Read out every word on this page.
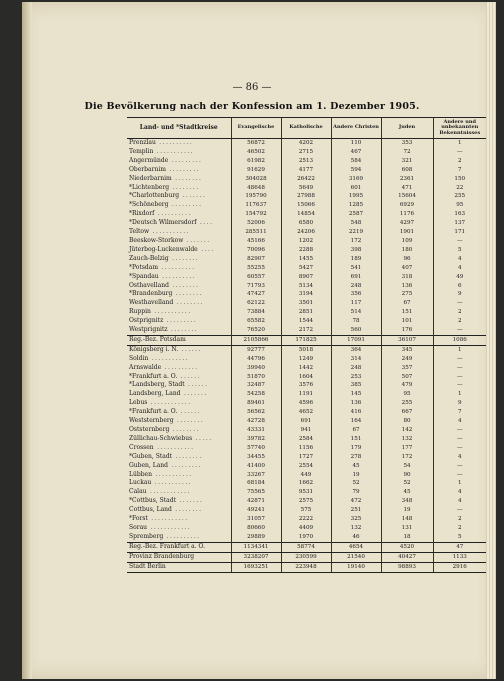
— 86 —
Die Bevölkerung nach der Konfession am 1. Dezember 1905.
Land- und *Stadtkreise	Evangelische	Katholische	Andere Christen	Juden	Andere und unbekannten Bekenntnisses
Prenzlau ..........	56872	4202	110	353	1
Templin ...........	46502	2715	467	72	—
Angermünde .........	61982	2513	584	321	2
Oberbarnim .........	91629	4177	594	608	7
Niederbarnim ........	304028	26422	3169	2361	150
*Lichtenberg ........	48648	5649	601	471	22
*Charlottenburg .......	195790	27988	1995	15604	255
*Schöneberg .........	117637	15066	1285	6929	95
*Rixdorf ..........	154792	14854	2587	1176	163
*Deutsch Wilmersdorf ....	52006	6580	548	4297	137
Teltow ...........	285511	24206	2219	1901	171
Beeskow-Storkow .......	45166	1202	172	109	—
Jüterbog-Luckenwalde ....	70096	2288	398	180	5
Zauch-Belzig ........	82907	1455	189	96	4
*Potsdam ..........	55255	5427	541	407	4
*Spandau ..........	60557	8907	691	318	49
Osthavelland ........	71793	5134	248	136	6
*Brandenburg ........	47427	3194	356	275	9
Westhavelland ........	62122	3501	117	67	—
Ruppin ...........	73884	2851	514	151	2
Ostprignitz .........	65582	1544	78	101	2
Westprignitz ........	76520	2172	560	176	—
Reg.-Bez. Potsdam	2105866	171825	17091	36107	1086
Königsberg i. N. ......	92777	5018	364	345	1
Soldin ...........	44796	1249	314	249	—
Arnswalde ..........	39940	1442	248	357	—
*Frankfurt a. O. ......	51870	1604	253	507	—
*Landsberg, Stadt ......	32487	3576	385	479	—
Landsberg, Land .......	54258	1191	145	95	1
Lebus ............	89461	4596	136	255	9
*Frankfurt a. O. ......	56562	4652	416	667	7
Weststernberg ........	42728	691	164	80	4
Oststernberg ........	43331	941	67	142	—
Züllichau-Schwiebus .....	39782	2584	151	132	—
Crossen ...........	57740	1156	179	177	—
*Guben, Stadt ........	34455	1727	278	172	4
Guben, Land .........	41400	2554	45	54	—
Lübben ...........	33267	449	19	90	—
Luckau ...........	68184	1662	52	52	1
Calau ............	75565	9531	79	45	4
*Cottbus, Stadt .......	42871	2575	472	348	4
Cottbus, Land ........	49241	575	251	19	—
*Forst ...........	31057	2222	325	148	2
Sorau ............	80660	4409	132	131	2
Spremberg ..........	29889	1970	46	18	5
Reg.-Bez. Frankfurt a. O.	1134341	58774	4654	4520	47
Provinz Brandenburg	3238207	230599	21540	40427	1133
Stadt Berlin	1693251	223948	19140	98893	2916
